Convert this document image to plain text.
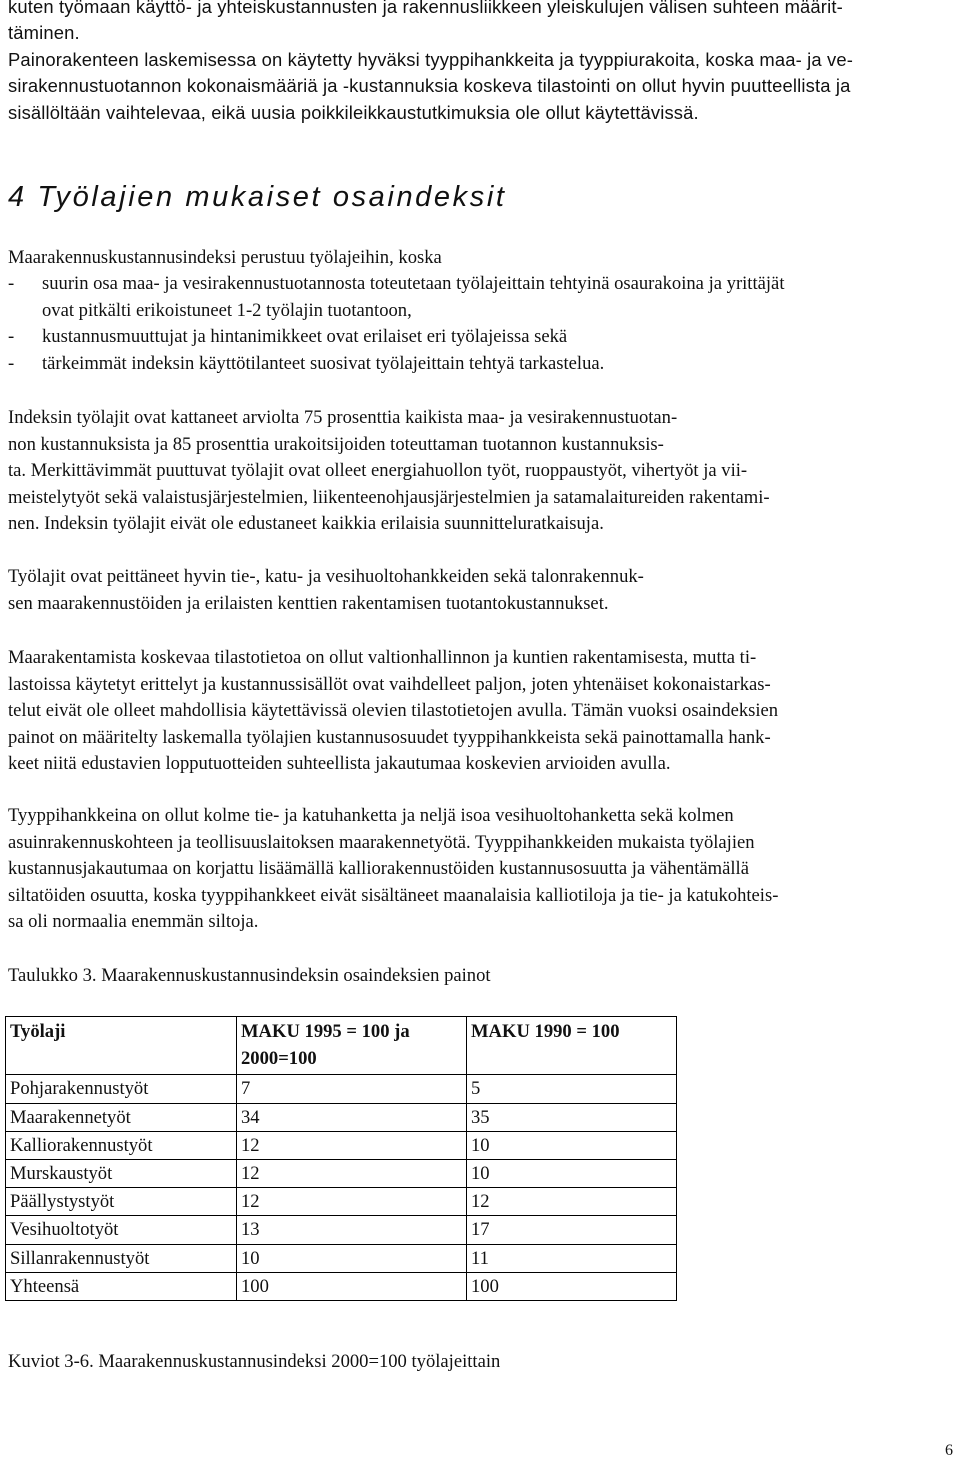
kuten työmaan käyttö- ja yhteiskustannusten ja rakennusliikkeen yleiskulujen välisen suhteen määrit-
täminen.
Painorakenteen laskemisessa on käytetty hyväksi tyyppihankkeita ja tyyppiurakoita, koska maa- ja ve-
sirakennustuotannon kokonaismääriä ja -kustannuksia koskeva tilastointi on ollut hyvin puutteellista ja
sisällöltään vaihtelevaa, eikä uusia poikkileikkaustutkimuksia ole ollut käytettävissä.
4 Työlajien mukaiset osaindeksit
Maarakennuskustannusindeksi perustuu työlajeihin, koska
- suurin osa maa- ja vesirakennustuotannosta toteutetaan työlajeittain tehtyinä osaurakoina ja yrittäjät
ovat pitkälti erikoistuneet 1-2 työlajin tuotantoon,
- kustannusmuuttujat ja hintanimikkeet ovat erilaiset eri työlajeissa sekä
- tärkeimmät indeksin käyttötilanteet suosivat työlajeittain tehtyä tarkastelua.
Indeksin työlajit ovat kattaneet arviolta 75 prosenttia kaikista maa- ja vesirakennustuotan-
non kustannuksista ja 85 prosenttia urakoitsijoiden toteuttaman tuotannon kustannuksis-
ta. Merkittävimmät puuttuvat työlajit ovat olleet energiahuollon työt, ruoppaustyöt, vihertyöt ja vii-
meistelytyöt sekä valaistusjärjestelmien, liikenteenohjausjärjestelmien ja satamalaitureiden rakentami-
nen. Indeksin työlajit eivät ole edustaneet kaikkia erilaisia suunnitteluratkaisuja.
Työlajit ovat peittäneet hyvin tie-, katu- ja vesihuoltohankkeiden sekä talonrakennuk-
sen maarakennustöiden ja erilaisten kenttien rakentamisen tuotantokustannukset.
Maarakentamista koskevaa tilastotietoa on ollut valtionhallinnon ja kuntien rakentamisesta, mutta ti-
lastoissa käytetyt erittelyt ja kustannussisällöt ovat vaihdelleet paljon, joten yhtenäiset kokonaistarkas-
telut eivät ole olleet mahdollisia käytettävissä olevien tilastotietojen avulla. Tämän vuoksi osaindeksien
painot on määritelty laskemalla työlajien kustannusosuudet tyyppihankkeista sekä painottamalla hank-
keet niitä edustavien lopputuotteiden suhteellista jakautumaa koskevien arvioiden avulla.
Tyyppihankkeina on ollut kolme tie- ja katuhanketta ja neljä isoa vesihuoltohanketta sekä kolmen
asuinrakennuskohteen ja teollisuuslaitoksen maarakennetyötä. Tyyppihankkeiden mukaista työlajien
kustannusjakautumaa on korjattu lisäämällä kalliorakennustöiden kustannusosuutta ja vähentämällä
siltatöiden osuutta, koska tyyppihankkeet eivät sisältäneet maanalaisia kalliotiloja ja tie- ja katukohteis-
sa oli normaalia enemmän siltoja.
Taulukko 3. Maarakennuskustannusindeksin osaindeksien painot
Työlaji	MAKU 1995 = 100 ja 2000=100	MAKU 1990 = 100
Pohjarakennustyöt	7	5
Maarakennetyöt	34	35
Kalliorakennustyöt	12	10
Murskaustyöt	12	10
Päällystystyöt	12	12
Vesihuoltotyöt	13	17
Sillanrakennustyöt	10	11
Yhteensä	100	100
Kuviot 3-6. Maarakennuskustannusindeksi 2000=100 työlajeittain
6
